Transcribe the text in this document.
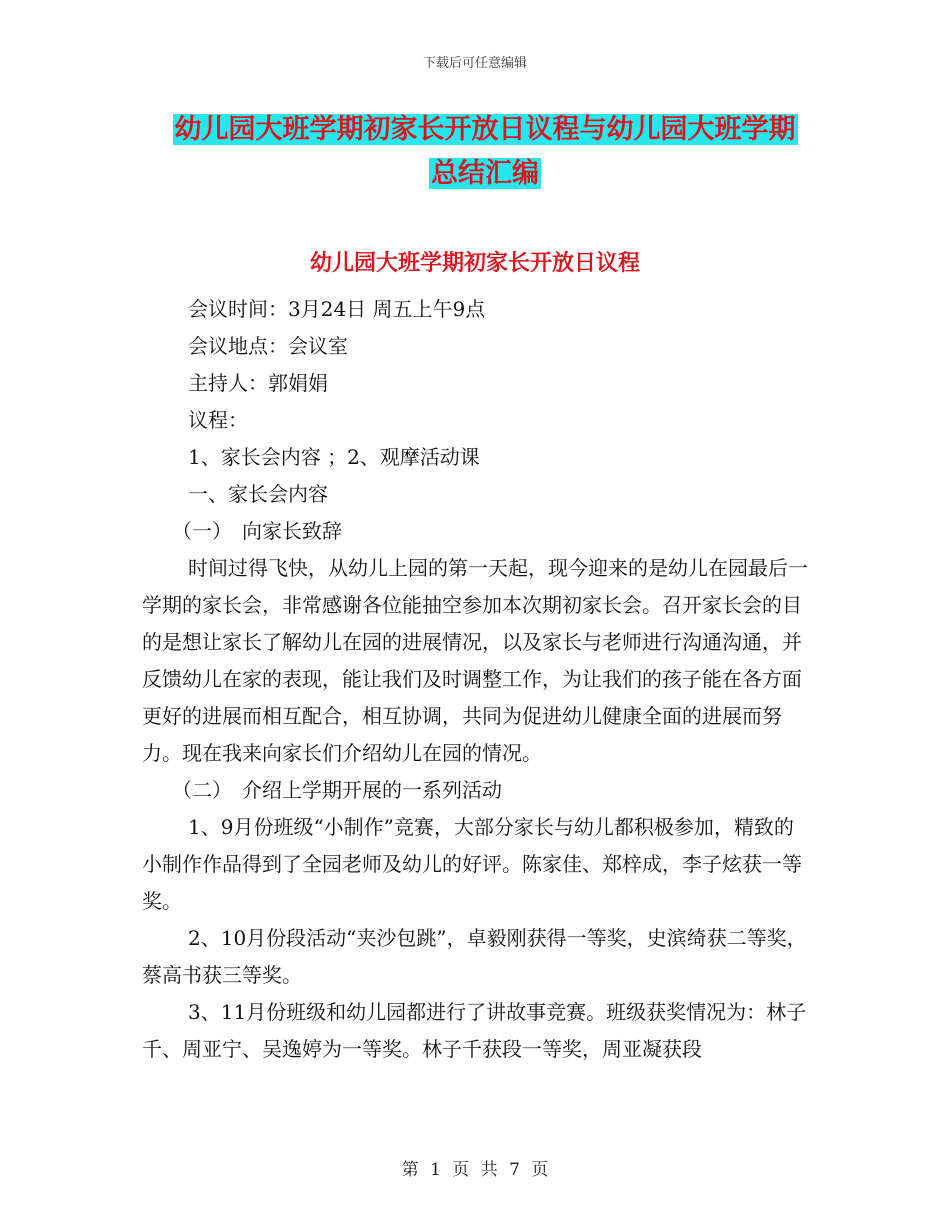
下载后可任意编辑
幼儿园大班学期初家长开放日议程与幼儿园大班学期
总结汇编
幼儿园大班学期初家长开放日议程

会议时间：3月24日 周五上午9点

会议地点：会议室

主持人：郭娟娟

议程：

1、家长会内容 ；2、观摩活动课

一、家长会内容

（一）　向家长致辞

时间过得飞快，从幼儿上园的第一天起，现今迎来的是幼儿在园最后一学期的家长会，非常感谢各位能抽空参加本次期初家长会。召开家长会的目的是想让家长了解幼儿在园的进展情况，以及家长与老师进行沟通沟通，并反馈幼儿在家的表现，能让我们及时调整工作，为让我们的孩子能在各方面更好的进展而相互配合，相互协调，共同为促进幼儿健康全面的进展而努力。现在我来向家长们介绍幼儿在园的情况。

（二）　介绍上学期开展的一系列活动

1、9月份班级“小制作”竞赛，大部分家长与幼儿都积极参加，精致的小制作作品得到了全园老师及幼儿的好评。陈家佳、郑梓成，李子炫获一等奖。

2、10月份段活动“夹沙包跳”，卓毅刚获得一等奖，史滨绮获二等奖，蔡高书获三等奖。

3、11月份班级和幼儿园都进行了讲故事竞赛。班级获奖情况为：林子千、周亚宁、吴逸婷为一等奖。林子千获段一等奖，周亚凝获段

第 1 页 共 7 页
